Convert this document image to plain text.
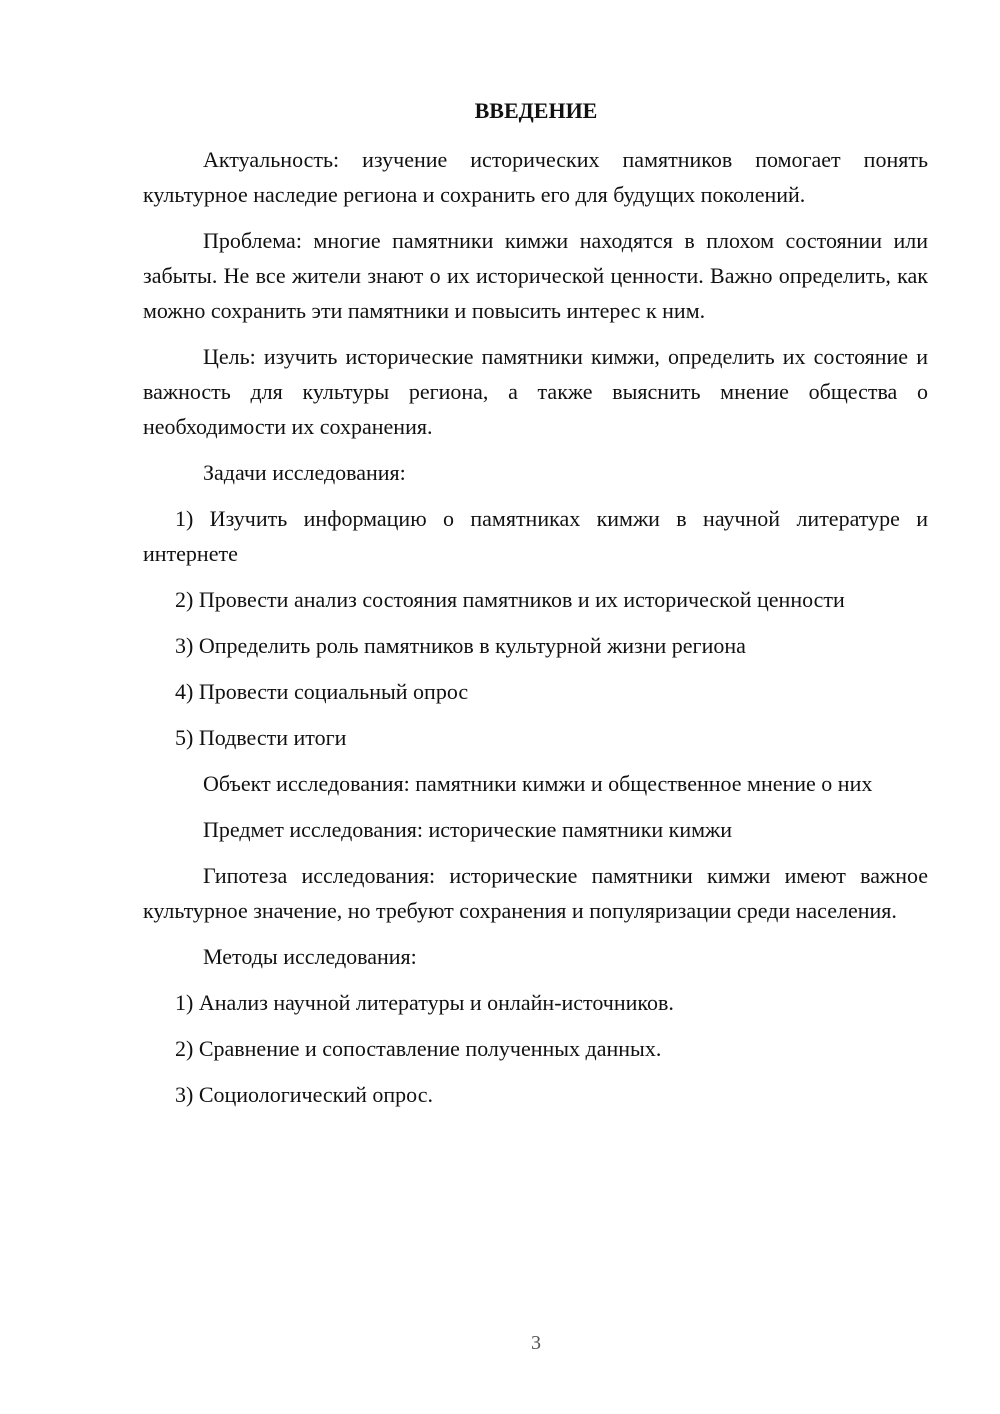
ВВЕДЕНИЕ

Актуальность: изучение исторических памятников помогает понять культурное наследие региона и сохранить его для будущих поколений.

Проблема: многие памятники кимжи находятся в плохом состоянии или забыты. Не все жители знают о их исторической ценности. Важно определить, как можно сохранить эти памятники и повысить интерес к ним.

Цель: изучить исторические памятники кимжи, определить их состояние и важность для культуры региона, а также выяснить мнение общества о необходимости их сохранения.

Задачи исследования:

1) Изучить информацию о памятниках кимжи в научной литературе и интернете

2) Провести анализ состояния памятников и их исторической ценности

3) Определить роль памятников в культурной жизни региона

4) Провести социальный опрос

5) Подвести итоги

Объект исследования: памятники кимжи и общественное мнение о них

Предмет исследования: исторические памятники кимжи

Гипотеза исследования: исторические памятники кимжи имеют важное культурное значение, но требуют сохранения и популяризации среди населения.

Методы исследования:

1) Анализ научной литературы и онлайн-источников.

2) Сравнение и сопоставление полученных данных.

3) Социологический опрос.

3
